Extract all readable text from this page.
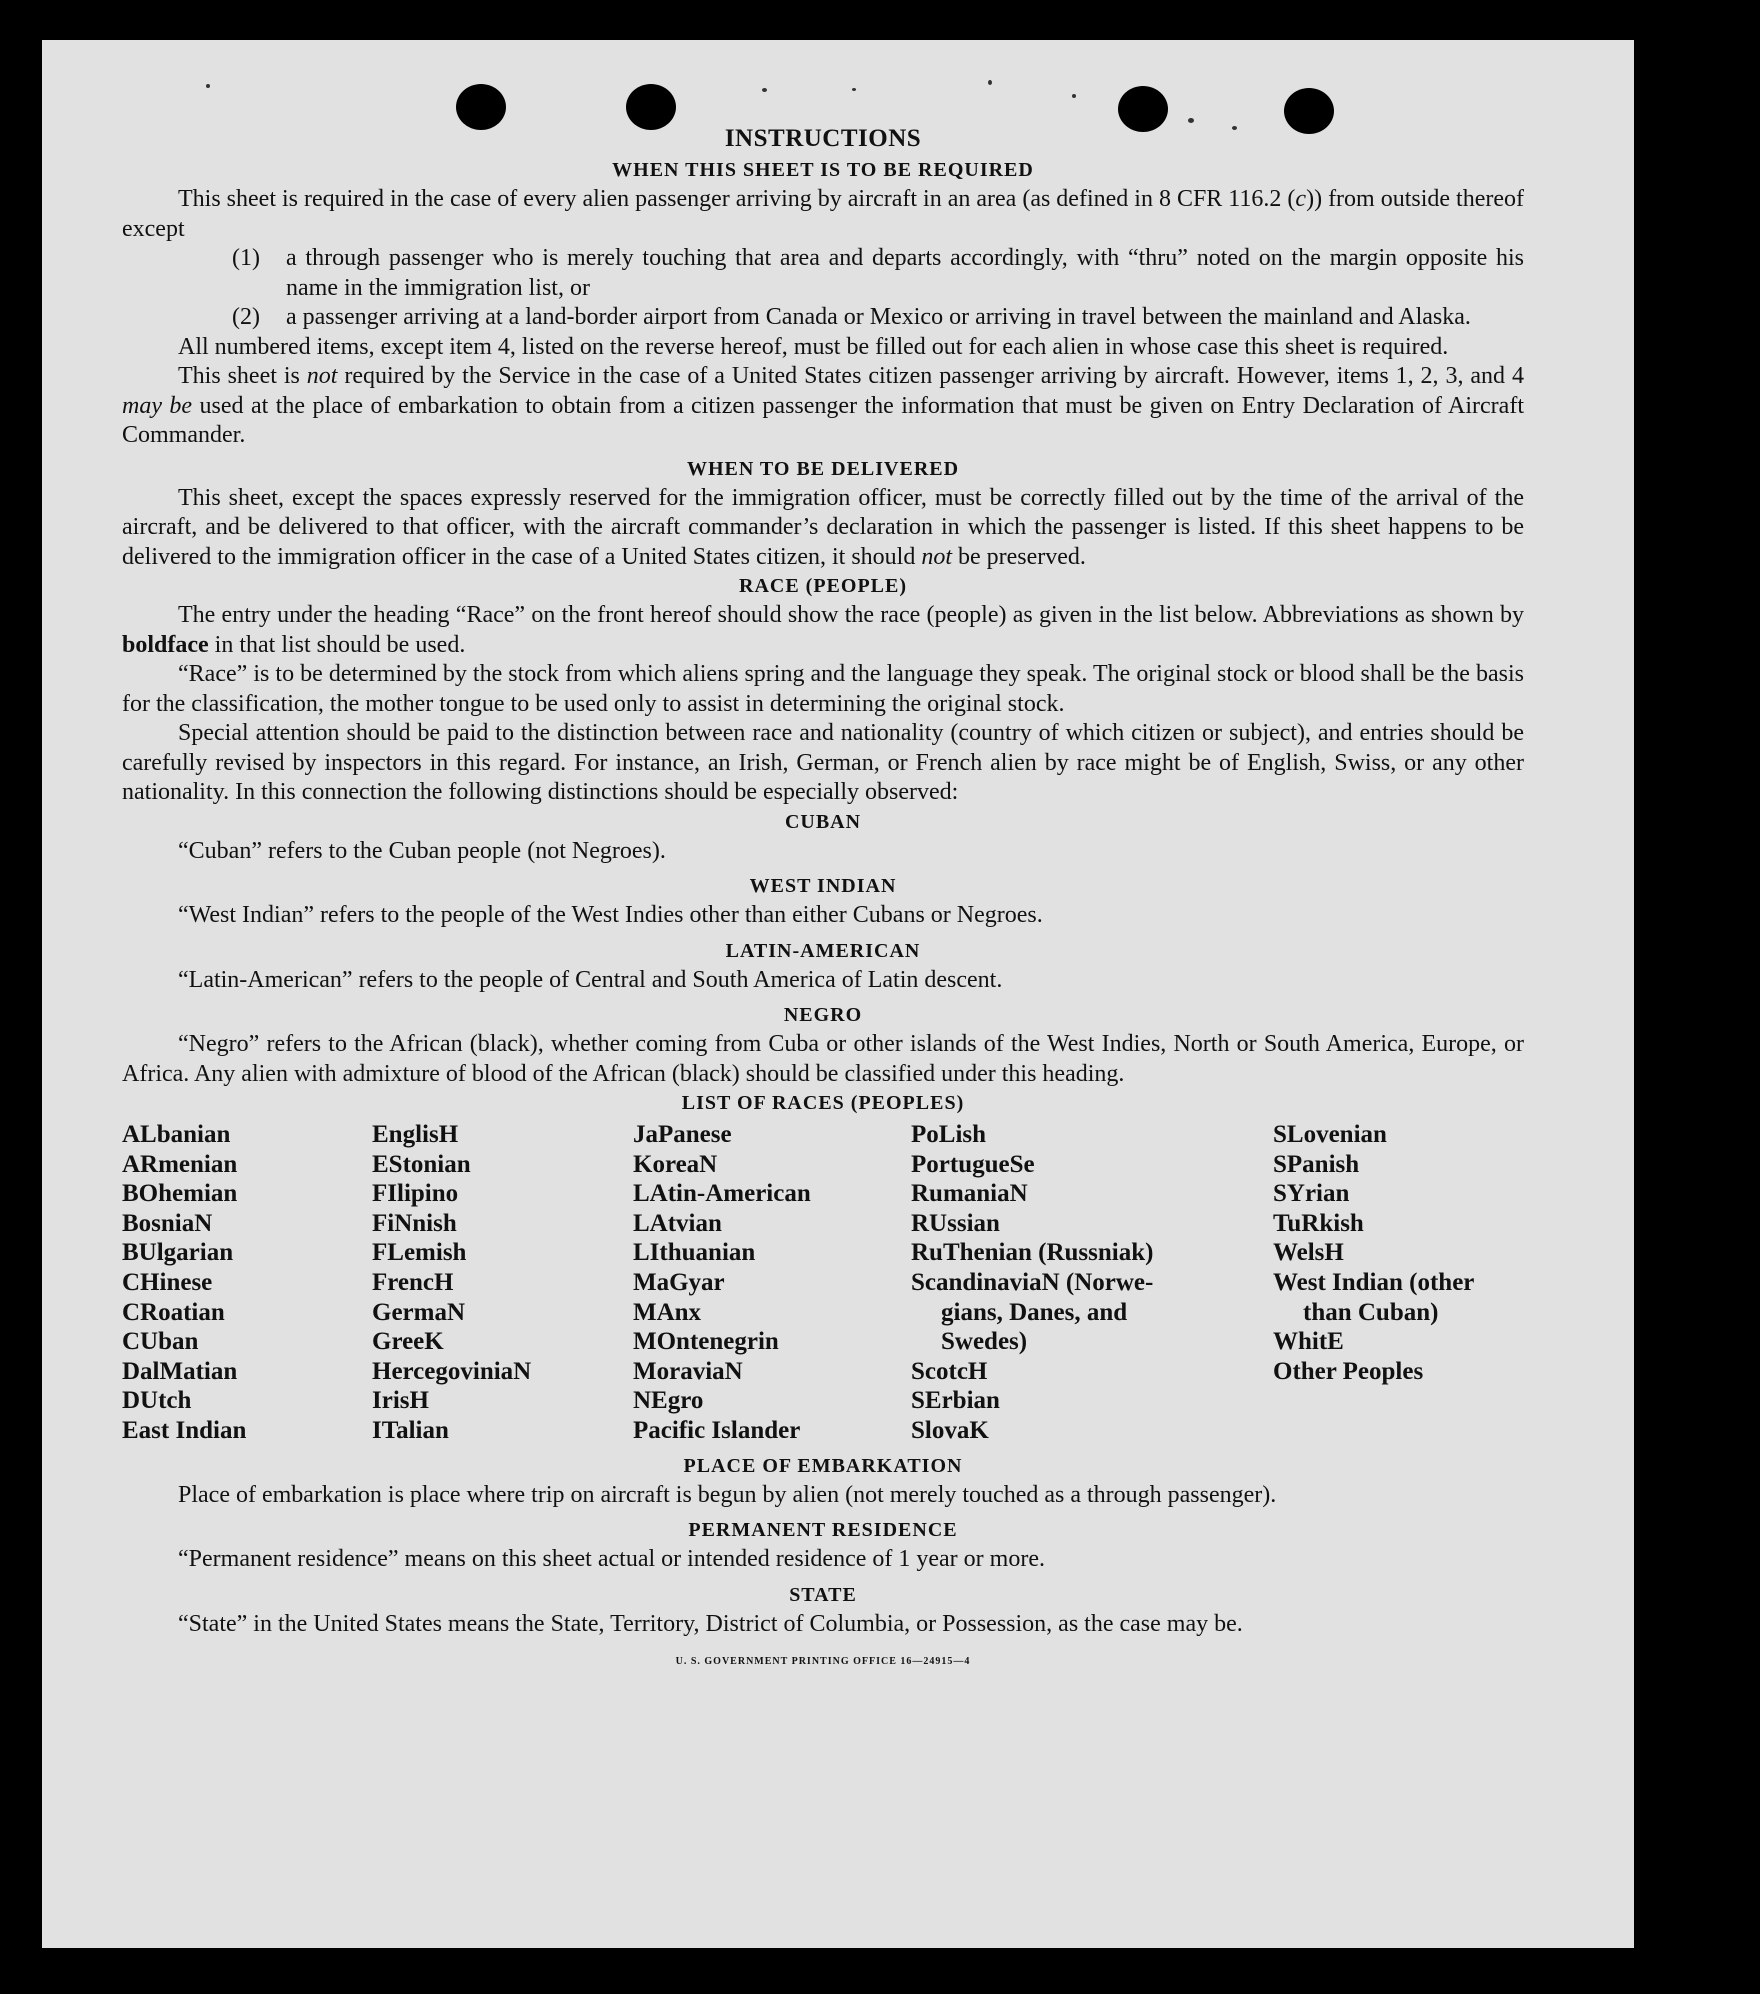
INSTRUCTIONS
WHEN THIS SHEET IS TO BE REQUIRED

This sheet is required in the case of every alien passenger arriving by aircraft in an area (as defined in 8 CFR 116.2 (c)) from outside thereof except

(1)	a through passenger who is merely touching that area and departs accordingly, with “thru” noted on the margin opposite his name in the immigration list, or
(2)	a passenger arriving at a land-border airport from Canada or Mexico or arriving in travel between the mainland and Alaska.

All numbered items, except item 4, listed on the reverse hereof, must be filled out for each alien in whose case this sheet is required.

This sheet is not required by the Service in the case of a United States citizen passenger arriving by aircraft. However, items 1, 2, 3, and 4 may be used at the place of embarkation to obtain from a citizen passenger the information that must be given on Entry Declaration of Aircraft Commander.

WHEN TO BE DELIVERED

This sheet, except the spaces expressly reserved for the immigration officer, must be correctly filled out by the time of the arrival of the aircraft, and be delivered to that officer, with the aircraft commander’s declaration in which the passenger is listed. If this sheet happens to be delivered to the immigration officer in the case of a United States citizen, it should not be preserved.

RACE (PEOPLE)

The entry under the heading “Race” on the front hereof should show the race (people) as given in the list below. Abbreviations as shown by boldface in that list should be used.

“Race” is to be determined by the stock from which aliens spring and the language they speak. The original stock or blood shall be the basis for the classification, the mother tongue to be used only to assist in determining the original stock.

Special attention should be paid to the distinction between race and nationality (country of which citizen or subject), and entries should be carefully revised by inspectors in this regard. For instance, an Irish, German, or French alien by race might be of English, Swiss, or any other nationality. In this connection the following distinctions should be especially observed:

CUBAN

“Cuban” refers to the Cuban people (not Negroes).

WEST INDIAN

“West Indian” refers to the people of the West Indies other than either Cubans or Negroes.

LATIN-AMERICAN

“Latin-American” refers to the people of Central and South America of Latin descent.

NEGRO

“Negro” refers to the African (black), whether coming from Cuba or other islands of the West Indies, North or South America, Europe, or Africa. Any alien with admixture of blood of the African (black) should be classified under this heading.

LIST OF RACES (PEOPLES)
ALbanian
ARmenian
BOhemian
BosniaN
BUlgarian
CHinese
CRoatian
CUban
DalMatian
DUtch
East Indian
EnglisH
EStonian
FIlipino
FiNnish
FLemish
FrencH
GermaN
GreeK
HercegoviniaN
IrisH
ITalian
JaPanese
KoreaN
LAtin-American
LAtvian
LIthuanian
MaGyar
MAnx
MOntenegrin
MoraviaN
NEgro
Pacific Islander
PoLish
PortugueSe
RumaniaN
RUssian
RuThenian (Russniak)
ScandinaviaN (Norwe-
gians, Danes, and
Swedes)
ScotcH
SErbian
SlovaK
SLovenian
SPanish
SYrian
TuRkish
WelsH
West Indian (other
than Cuban)
WhitE
Other Peoples
PLACE OF EMBARKATION

Place of embarkation is place where trip on aircraft is begun by alien (not merely touched as a through passenger).

PERMANENT RESIDENCE

“Permanent residence” means on this sheet actual or intended residence of 1 year or more.

STATE

“State” in the United States means the State, Territory, District of Columbia, or Possession, as the case may be.

U. S. GOVERNMENT PRINTING OFFICE 16—24915—4
